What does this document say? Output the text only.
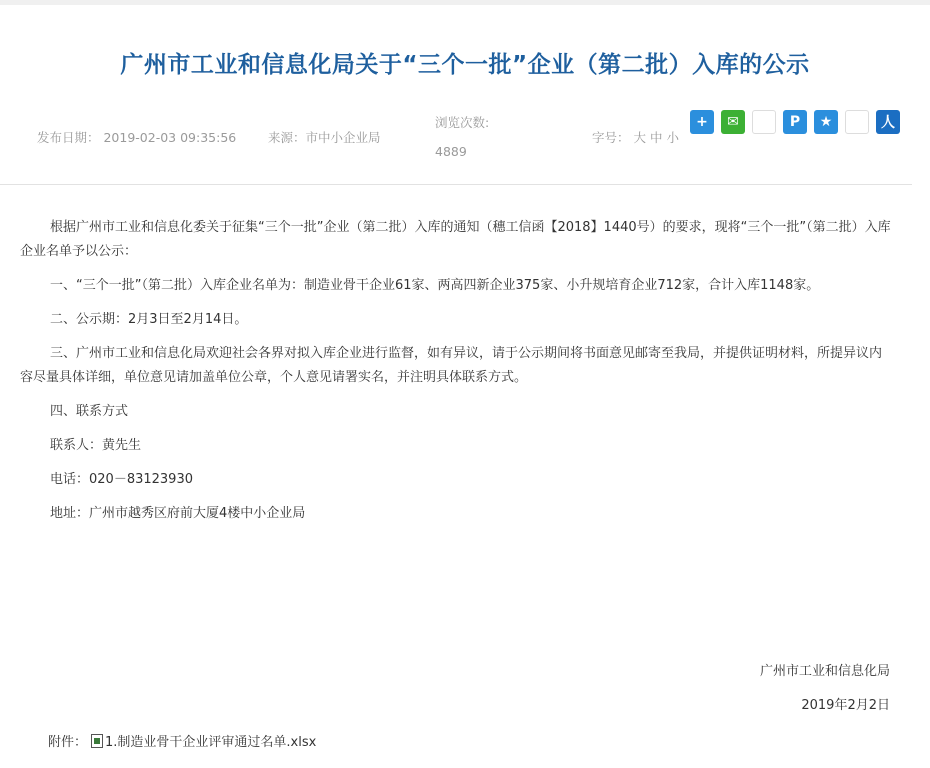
广州市工业和信息化局关于“三个一批”企业（第二批）入库的公示
发布日期： 2019-02-03 09:35:56	来源：市中小企业局
浏览次数:
4889
字号： 大 中 小
+	✉	微	P	★	Q	人

根据广州市工业和信息化委关于征集“三个一批”企业（第二批）入库的通知（穗工信函【2018】1440号）的要求，现将“三个一批”（第二批）入库企业名单予以公示：

一、“三个一批”（第二批）入库企业名单为：制造业骨干企业61家、两高四新企业375家、小升规培育企业712家，合计入库1148家。

二、公示期：2月3日至2月14日。

三、广州市工业和信息化局欢迎社会各界对拟入库企业进行监督，如有异议，请于公示期间将书面意见邮寄至我局，并提供证明材料，所提异议内容尽量具体详细，单位意见请加盖单位公章，个人意见请署实名，并注明具体联系方式。

四、联系方式

联系人：黄先生

电话：020－83123930

地址：广州市越秀区府前大厦4楼中小企业局

广州市工业和信息化局
2019年2月2日
附件： 1.制造业骨干企业评审通过名单.xlsx
